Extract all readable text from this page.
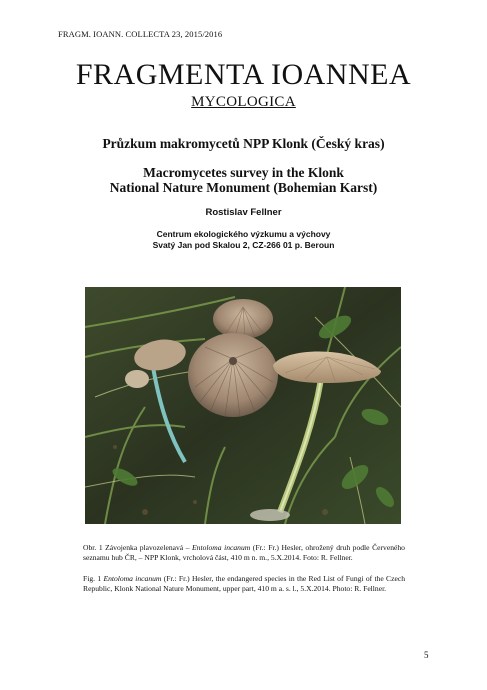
FRAGM. IOANN. COLLECTA 23, 2015/2016
FRAGMENTA IOANNEA
MYCOLOGICA
Průzkum makromycetů NPP Klonk (Český kras)
Macromycetes survey in the Klonk
National Nature Monument (Bohemian Karst)
Rostislav Fellner
Centrum ekologického výzkumu a výchovy
Svatý Jan pod Skalou 2, CZ-266 01 p. Beroun
Obr. 1 Závojenka plavozelenavá – Entoloma incanum (Fr.: Fr.) Hesler, ohrožený druh podle Červeného seznamu hub ČR, – NPP Klonk, vrcholová část, 410 m n. m., 5.X.2014. Foto: R. Fellner.
Fig. 1 Entoloma incanum (Fr.: Fr.) Hesler, the endangered species in the Red List of Fungi of the Czech Republic, Klonk National Nature Monument, upper part, 410 m a. s. l., 5.X.2014. Photo: R. Fellner.
5
